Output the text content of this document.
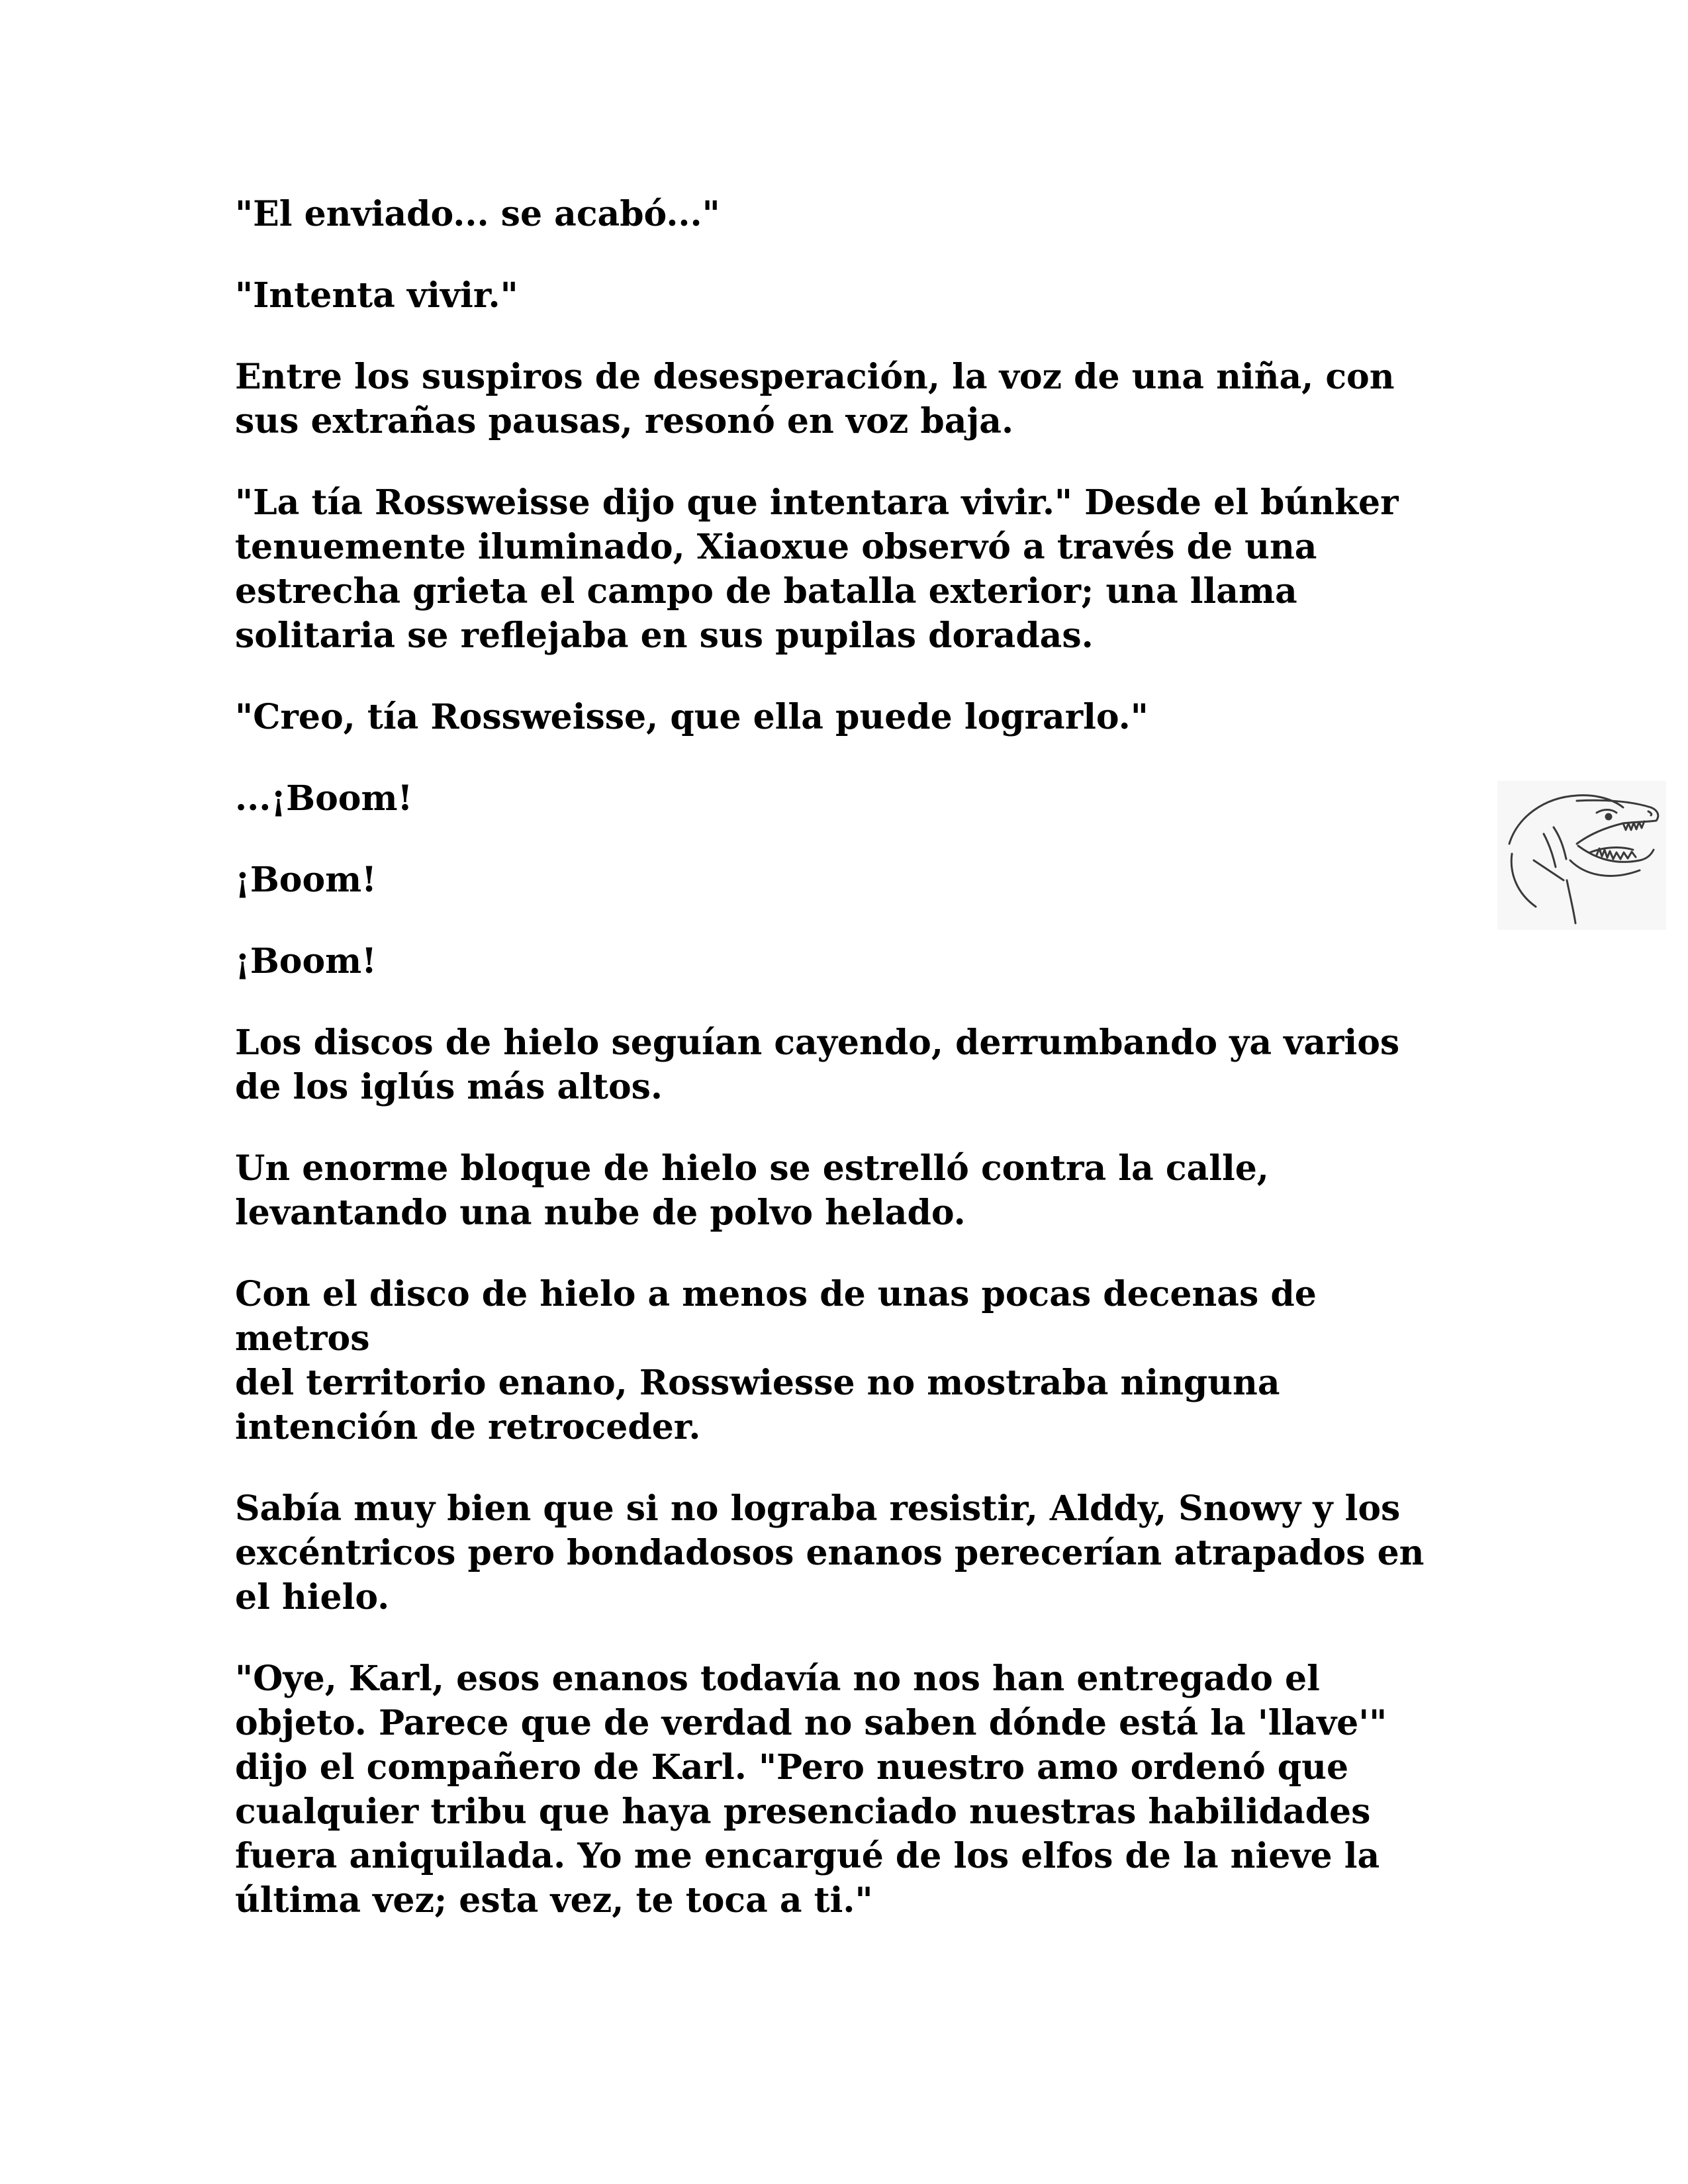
"El enviado... se acabó..."

"Intenta vivir."

Entre los suspiros de desesperación, la voz de una niña, con
sus extrañas pausas, resonó en voz baja.

"La tía Rossweisse dijo que intentara vivir." Desde el búnker
tenuemente iluminado, Xiaoxue observó a través de una
estrecha grieta el campo de batalla exterior; una llama
solitaria se reflejaba en sus pupilas doradas.

"Creo, tía Rossweisse, que ella puede lograrlo."

...¡Boom!

¡Boom!

¡Boom!

Los discos de hielo seguían cayendo, derrumbando ya varios
de los iglús más altos.

Un enorme bloque de hielo se estrelló contra la calle,
levantando una nube de polvo helado.

Con el disco de hielo a menos de unas pocas decenas de metros
del territorio enano, Rosswiesse no mostraba ninguna
intención de retroceder.

Sabía muy bien que si no lograba resistir, Alddy, Snowy y los
excéntricos pero bondadosos enanos perecerían atrapados en
el hielo.

"Oye, Karl, esos enanos todavía no nos han entregado el
objeto. Parece que de verdad no saben dónde está la 'llave'"
dijo el compañero de Karl. "Pero nuestro amo ordenó que
cualquier tribu que haya presenciado nuestras habilidades
fuera aniquilada. Yo me encargué de los elfos de la nieve la
última vez; esta vez, te toca a ti."
